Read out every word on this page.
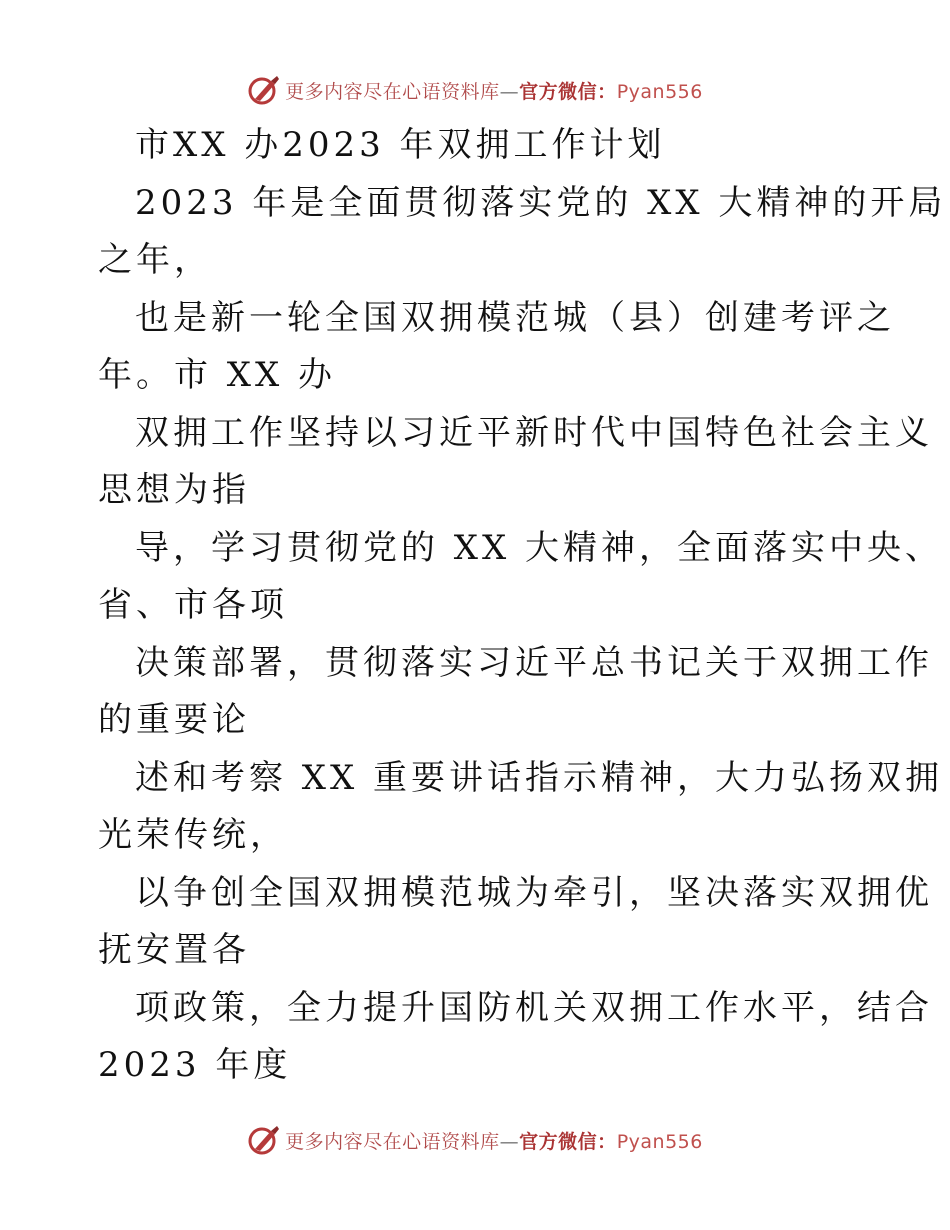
更多内容尽在心语资料库—官方微信：Pyan556

市XX 办2023 年双拥工作计划

2023 年是全面贯彻落实党的 XX 大精神的开局

之年，

也是新一轮全国双拥模范城（县）创建考评之

年。市 XX 办

双拥工作坚持以习近平新时代中国特色社会主义

思想为指

导，学习贯彻党的 XX 大精神，全面落实中央、

省、市各项

决策部署，贯彻落实习近平总书记关于双拥工作

的重要论

述和考察 XX 重要讲话指示精神，大力弘扬双拥

光荣传统，

以争创全国双拥模范城为牵引，坚决落实双拥优

抚安置各

项政策，全力提升国防机关双拥工作水平，结合

2023 年度

更多内容尽在心语资料库—官方微信：Pyan556
